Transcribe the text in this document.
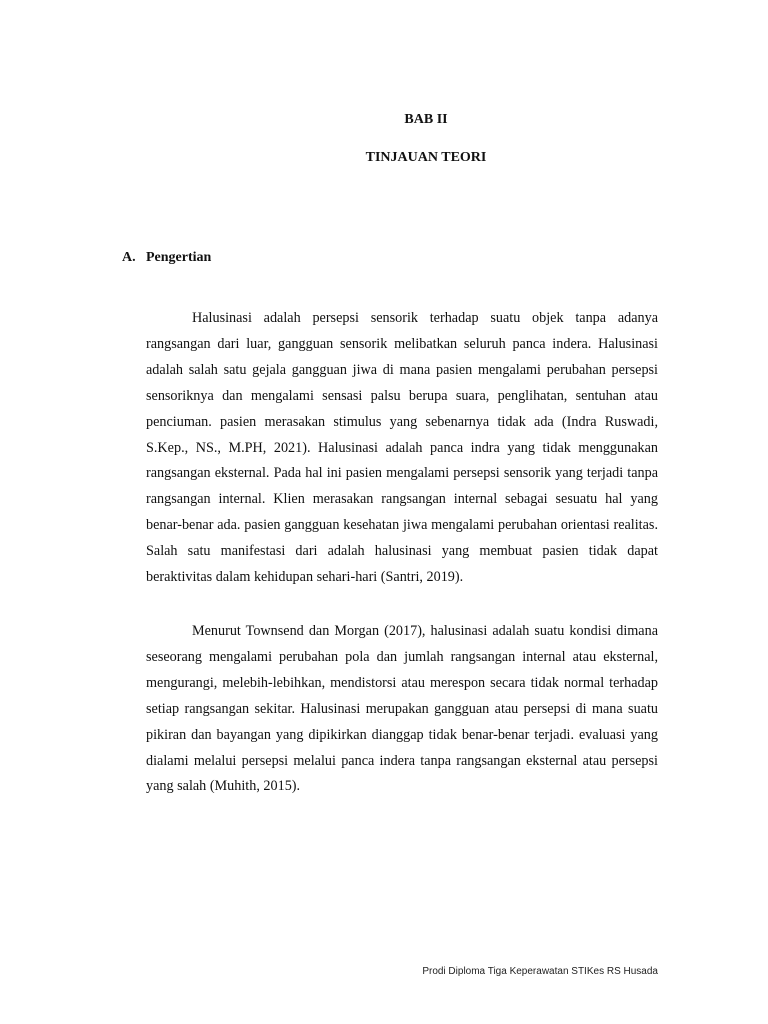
BAB II
TINJAUAN TEORI
A. Pengertian

Halusinasi adalah persepsi sensorik terhadap suatu objek tanpa adanya rangsangan dari luar, gangguan sensorik melibatkan seluruh panca indera. Halusinasi adalah salah satu gejala gangguan jiwa di mana pasien mengalami perubahan persepsi sensoriknya dan mengalami sensasi palsu berupa suara, penglihatan, sentuhan atau penciuman. pasien merasakan stimulus yang sebenarnya tidak ada (Indra Ruswadi, S.Kep., NS., M.PH, 2021). Halusinasi adalah panca indra yang tidak menggunakan rangsangan eksternal. Pada hal ini pasien mengalami persepsi sensorik yang terjadi tanpa rangsangan internal. Klien merasakan rangsangan internal sebagai sesuatu hal yang benar-benar ada. pasien gangguan kesehatan jiwa mengalami perubahan orientasi realitas. Salah satu manifestasi dari adalah halusinasi yang membuat pasien tidak dapat beraktivitas dalam kehidupan sehari-hari (Santri, 2019).

Menurut Townsend dan Morgan (2017), halusinasi adalah suatu kondisi dimana seseorang mengalami perubahan pola dan jumlah rangsangan internal atau eksternal, mengurangi, melebih-lebihkan, mendistorsi atau merespon secara tidak normal terhadap setiap rangsangan sekitar. Halusinasi merupakan gangguan atau persepsi di mana suatu pikiran dan bayangan yang dipikirkan dianggap tidak benar-benar terjadi. evaluasi yang dialami melalui persepsi melalui panca indera tanpa rangsangan eksternal atau persepsi yang salah (Muhith, 2015).

Prodi Diploma Tiga Keperawatan STIKes RS Husada
